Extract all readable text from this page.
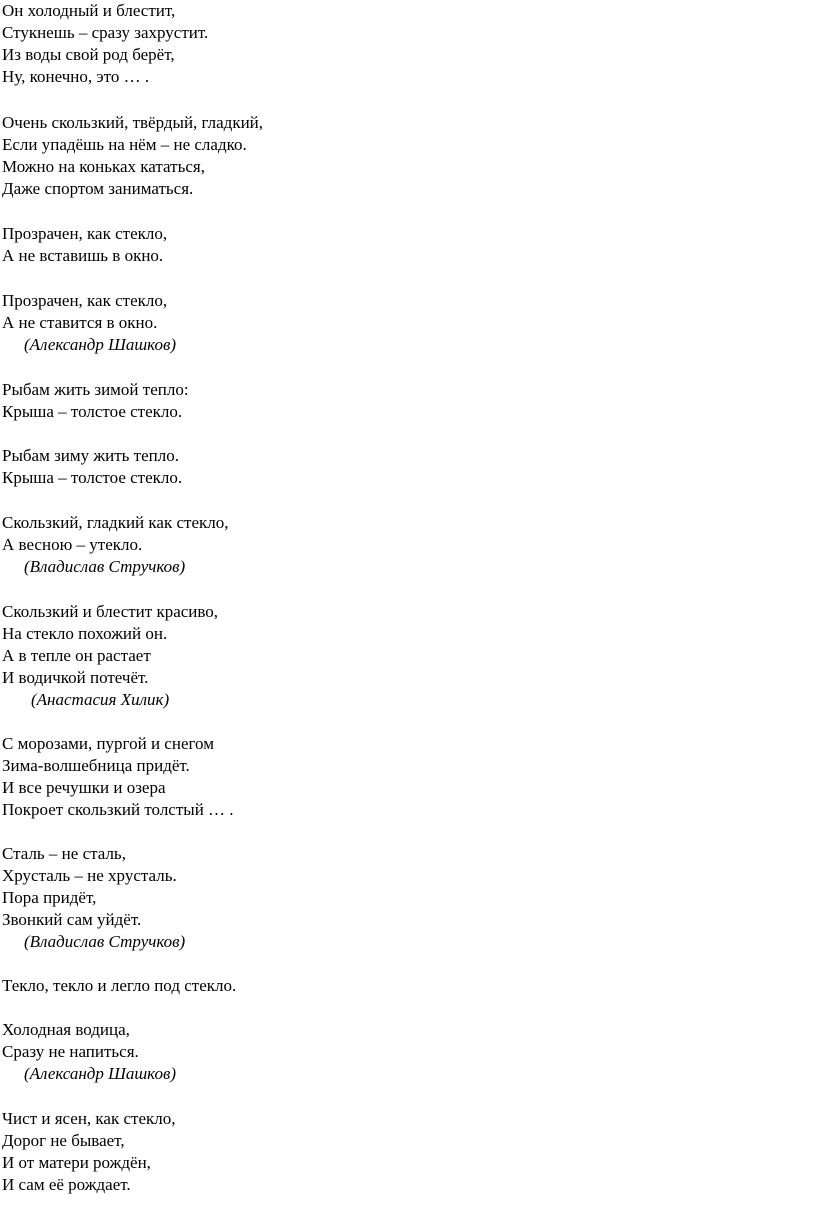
Он холодный и блестит,

Стукнешь – сразу захрустит.

Из воды свой род берёт,

Ну, конечно, это … .

Очень скользкий, твёрдый, гладкий,

Если упадёшь на нём – не сладко.

Можно на коньках кататься,

Даже спортом заниматься.

Прозрачен, как стекло,

А не вставишь в окно.

Прозрачен, как стекло,

А не ставится в окно.

(Александр Шашков)

Рыбам жить зимой тепло:

Крыша – толстое стекло.

Рыбам зиму жить тепло.

Крыша – толстое стекло.

Скользкий, гладкий как стекло,

А весною – утекло.

(Владислав Стручков)

Скользкий и блестит красиво,

На стекло похожий он.

А в тепле он растает

И водичкой потечёт.

(Анастасия Хилик)

С морозами, пургой и снегом

Зима-волшебница придёт.

И все речушки и озера

Покроет скользкий толстый … .

Сталь – не сталь,

Хрусталь – не хрусталь.

Пора придёт,

Звонкий сам уйдёт.

(Владислав Стручков)

Текло, текло и легло под стекло.

Холодная водица,

Сразу не напиться.

(Александр Шашков)

Чист и ясен, как стекло,

Дорог не бывает,

И от матери рождён,

И сам её рождает.
